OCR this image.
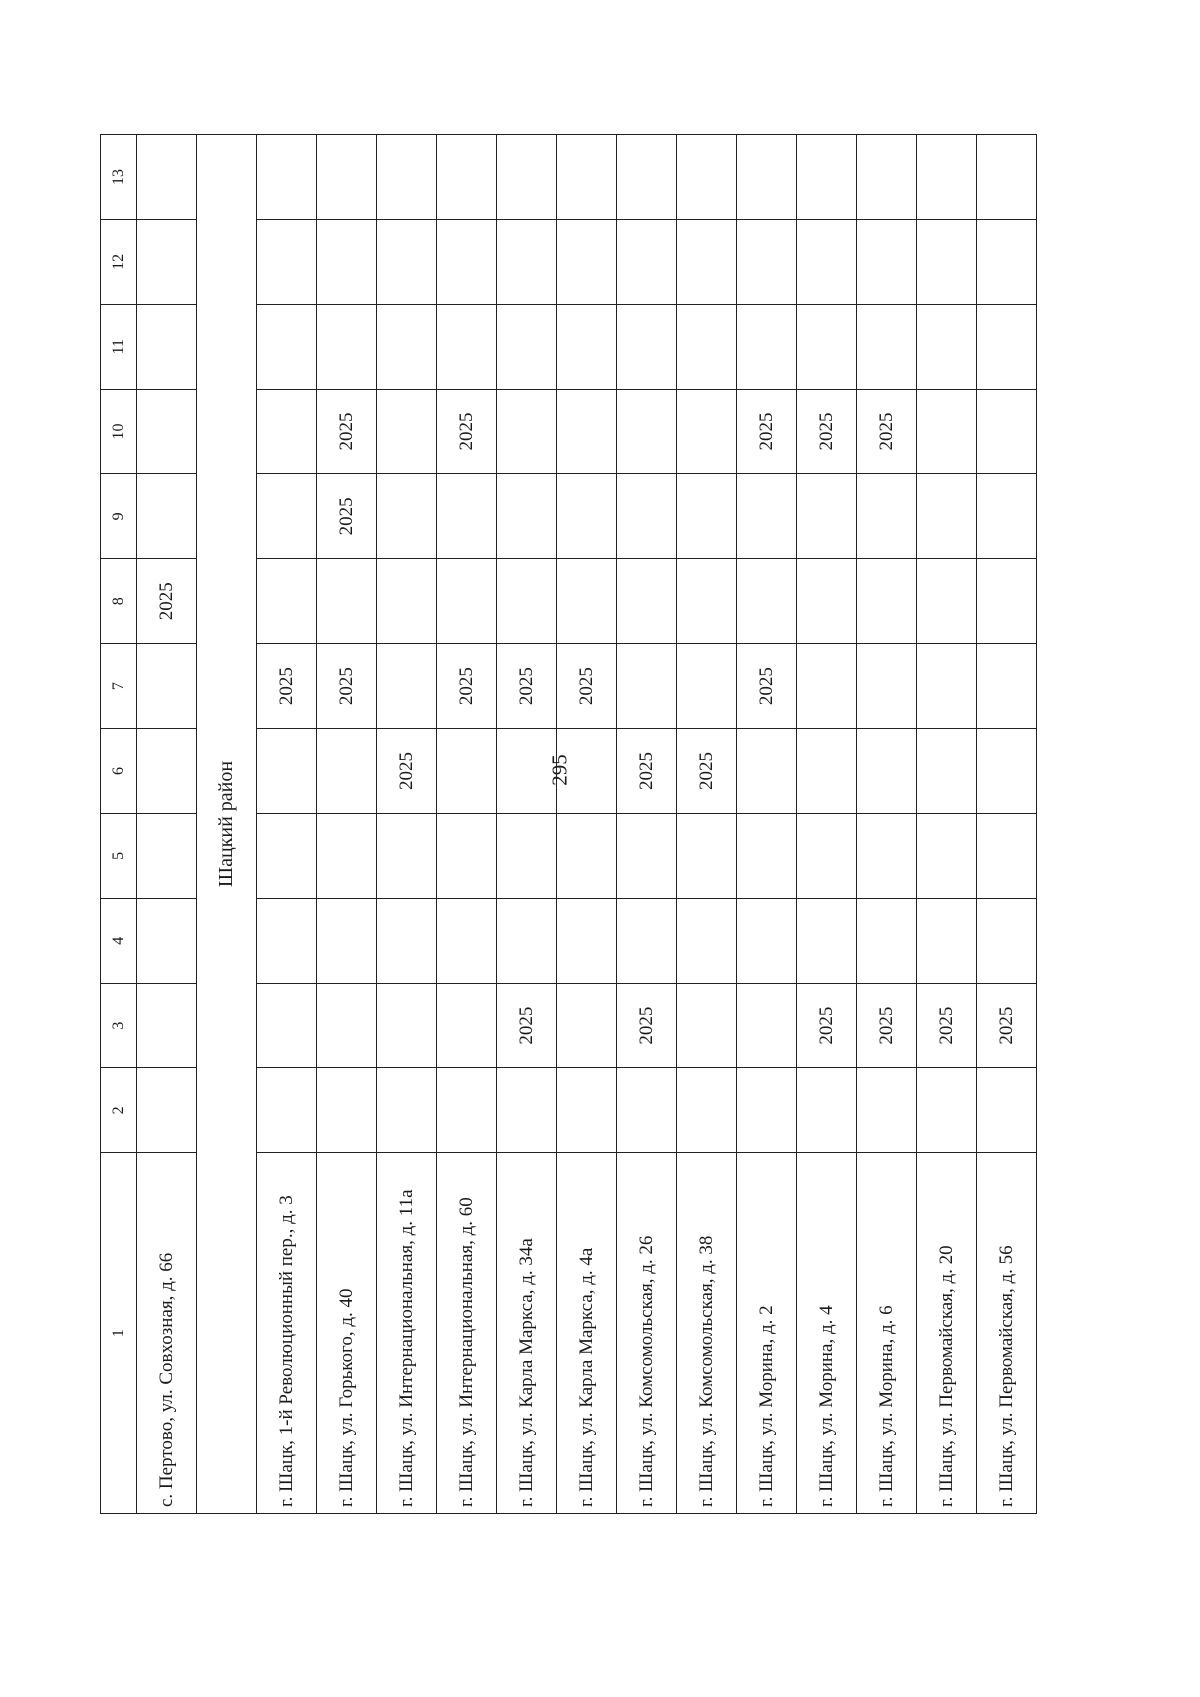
295
1	2	3	4	5	6	7	8	9	10	11	12	13
с. Пертово, ул. Совхозная, д. 66							2025					
Шацкий район												
г. Шацк, 1-й Революционный пер., д. 3						2025						
г. Шацк, ул. Горького, д. 40						2025		2025	2025			
г. Шацк, ул. Интернациональная, д. 11а					2025							
г. Шацк, ул. Интернациональная, д. 60						2025			2025			
г. Шацк, ул. Карла Маркса, д. 34а		2025				2025						
г. Шацк, ул. Карла Маркса, д. 4а						2025						
г. Шацк, ул. Комсомольская, д. 26		2025			2025							
г. Шацк, ул. Комсомольская, д. 38					2025							
г. Шацк, ул. Морина, д. 2						2025			2025			
г. Шацк, ул. Морина, д. 4		2025							2025			
г. Шацк, ул. Морина, д. 6		2025							2025			
г. Шацк, ул. Первомайская, д. 20		2025										
г. Шацк, ул. Первомайская, д. 56		2025										
